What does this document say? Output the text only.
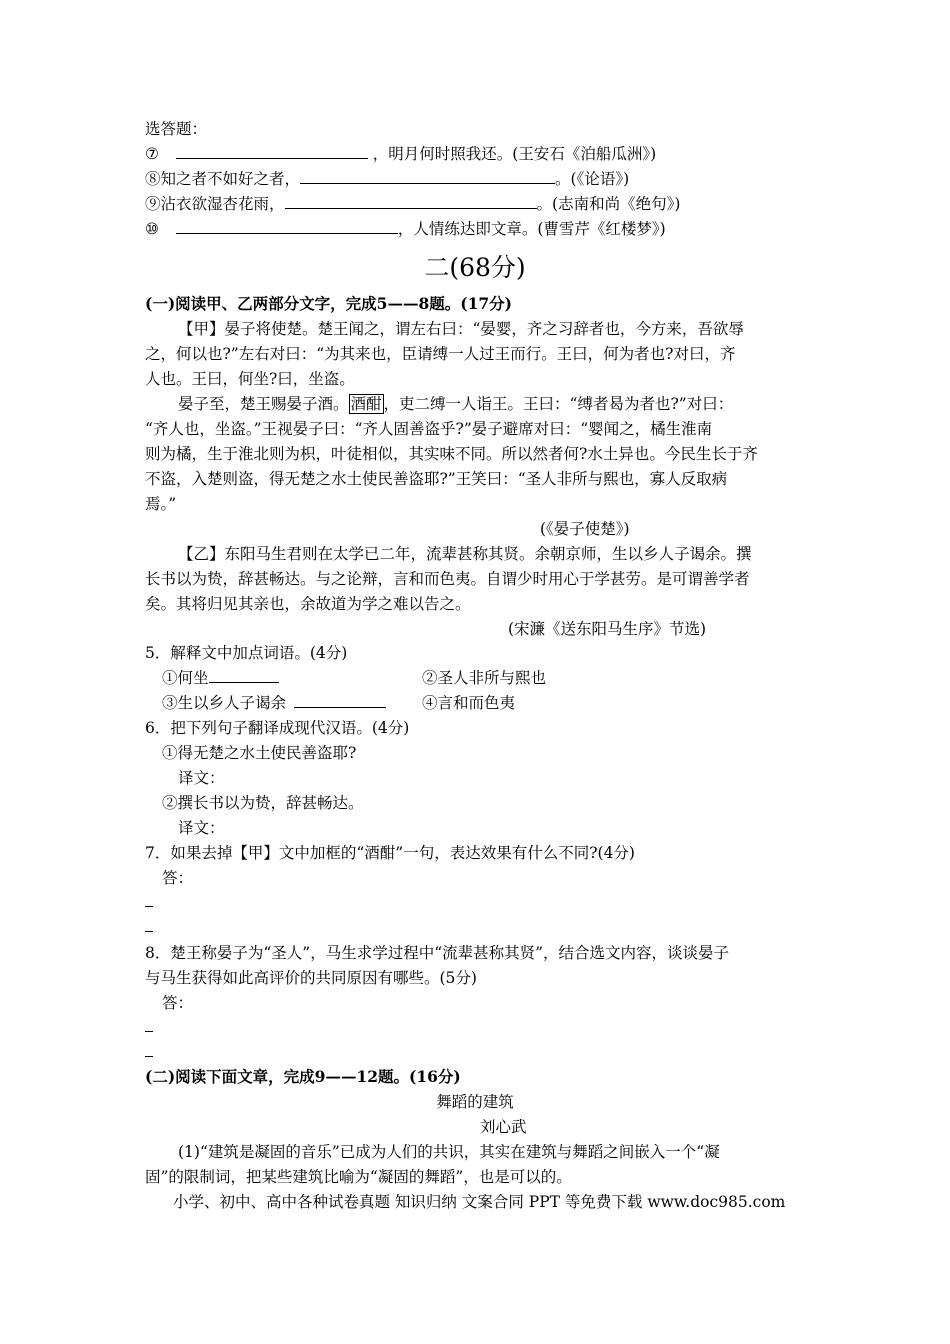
选答题：
⑦	，明月何时照我还。(王安石《泊船瓜洲》)
⑧知之者不如好之者，	。(《论语》)
⑨沾衣欲湿杏花雨，	。(志南和尚《绝句》)
⑩	，人情练达即文章。(曹雪芹《红楼梦》)
二(68分)
(一)阅读甲、乙两部分文字，完成5——8题。(17分)
【甲】晏子将使楚。楚王闻之，谓左右曰：“晏婴，齐之习辞者也，今方来，吾欲辱
之，何以也?”左右对曰：“为其来也，臣请缚一人过王而行。王曰，何为者也?对曰，齐
人也。王曰，何坐?曰，坐盗。
晏子至，楚王赐晏子酒。 酒酣 ，吏二缚一人诣王。王曰：“缚者曷为者也?”对曰：
“齐人也，坐盗。”王视晏子曰：“齐人固善盗乎?”晏子避席对曰：“婴闻之，橘生淮南
则为橘，生于淮北则为枳，叶徒相似，其实味不同。所以然者何?水土异也。今民生长于齐
不盗，入楚则盗，得无楚之水土使民善盗耶?”王笑曰：“圣人非所与熙也，寡人反取病
焉。”
(《晏子使楚》)
【乙】东阳马生君则在太学已二年，流辈甚称其贤。余朝京师，生以乡人子谒余。撰
长书以为贽，辞甚畅达。与之论辩，言和而色夷。自谓少时用心于学甚劳。是可谓善学者
矣。其将归见其亲也，余故道为学之难以告之。
(宋濂《送东阳马生序》节选)
5．解释文中加点词语。(4分)
①何坐	②圣人非所与熙也
③生以乡人子谒余	④言和而色夷
6．把下列句子翻译成现代汉语。(4分)
①得无楚之水土使民善盗耶?
译文：
②撰长书以为贽，辞甚畅达。
译文：
7．如果去掉【甲】文中加框的“酒酣”一句，表达效果有什么不同?(4分)
答：
8．楚王称晏子为“圣人”，马生求学过程中“流辈甚称其贤”，结合选文内容，谈谈晏子
与马生获得如此高评价的共同原因有哪些。(5分)
答：
(二)阅读下面文章，完成9——12题。(16分)
舞蹈的建筑
刘心武
(1)“建筑是凝固的音乐”已成为人们的共识，其实在建筑与舞蹈之间嵌入一个“凝
固”的限制词，把某些建筑比喻为“凝固的舞蹈”，也是可以的。
小学、初中、高中各种试卷真题 知识归纳 文案合同 PPT 等免费下载 www.doc985.com
